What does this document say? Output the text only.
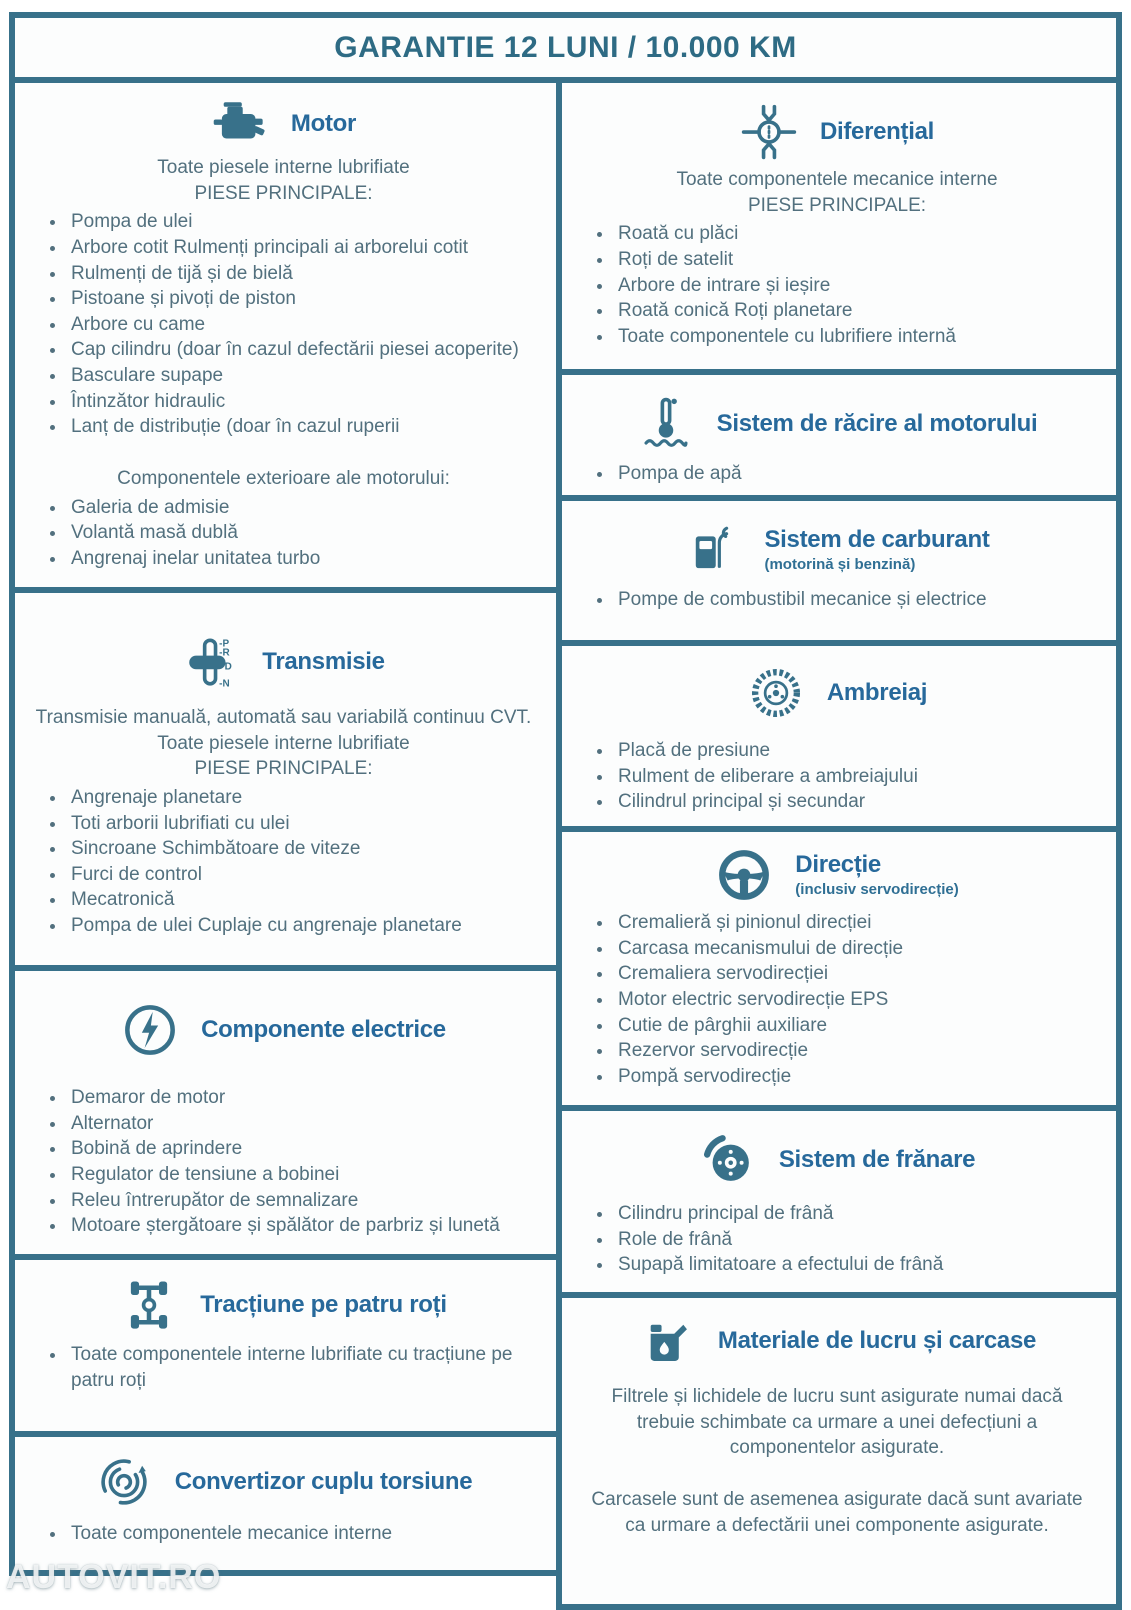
GARANTIE 12 LUNI / 10.000 KM
Motor

Toate piesele interne lubrifiate

PIESE PRINCIPALE:

• Pompa de ulei
• Arbore cotit Rulmenți principali ai arborelui cotit
• Rulmenți de tijă și de bielă
• Pistoane și pivoți de piston
• Arbore cu came
• Cap cilindru (doar în cazul defectării piesei acoperite)
• Basculare supape
• Întinzător hidraulic
• Lanț de distribuție (doar în cazul ruperii

Componentele exterioare ale motorului:

• Galeria de admisie
• Volantă masă dublă
• Angrenaj inelar unitatea turbo
-P
-R
D
-N
Transmisie

Transmisie manuală, automată sau variabilă continuu CVT.

Toate piesele interne lubrifiate

PIESE PRINCIPALE:

• Angrenaje planetare
• Toti arborii lubrifiati cu ulei
• Sincroane Schimbătoare de viteze
• Furci de control
• Mecatronică
• Pompa de ulei Cuplaje cu angrenaje planetare
Componente electrice
• Demaror de motor
• Alternator
• Bobină de aprindere
• Regulator de tensiune a bobinei
• Releu întrerupător de semnalizare
• Motoare ștergătoare și spălător de parbriz și lunetă
Tracțiune pe patru roți
• Toate componentele interne lubrifiate cu tracțiune pe patru roți
Convertizor cuplu torsiune
• Toate componentele mecanice interne
Diferențial

Toate componentele mecanice interne

PIESE PRINCIPALE:

• Roată cu plăci
• Roți de satelit
• Arbore de intrare și ieșire
• Roată conică Roți planetare
• Toate componentele cu lubrifiere internă
Sistem de răcire al motorului
• Pompa de apă
Sistem de carburant
(motorină și benzină)
• Pompe de combustibil mecanice și electrice
Ambreiaj
• Placă de presiune
• Rulment de eliberare a ambreiajului
• Cilindrul principal și secundar
Direcție
(inclusiv servodirecție)
• Cremalieră și pinionul direcției
• Carcasa mecanismului de direcție
• Cremaliera servodirecției
• Motor electric servodirecție EPS
• Cutie de pârghii auxiliare
• Rezervor servodirecție
• Pompă servodirecție
Sistem de frănare
• Cilindru principal de frână
• Role de frână
• Supapă limitatoare a efectului de frână
Materiale de lucru și carcase

Filtrele și lichidele de lucru sunt asigurate numai dacă trebuie schimbate ca urmare a unei defecțiuni a componentelor asigurate.

Carcasele sunt de asemenea asigurate dacă sunt avariate ca urmare a defectării unei componente asigurate.

AUTOVIT.RO
